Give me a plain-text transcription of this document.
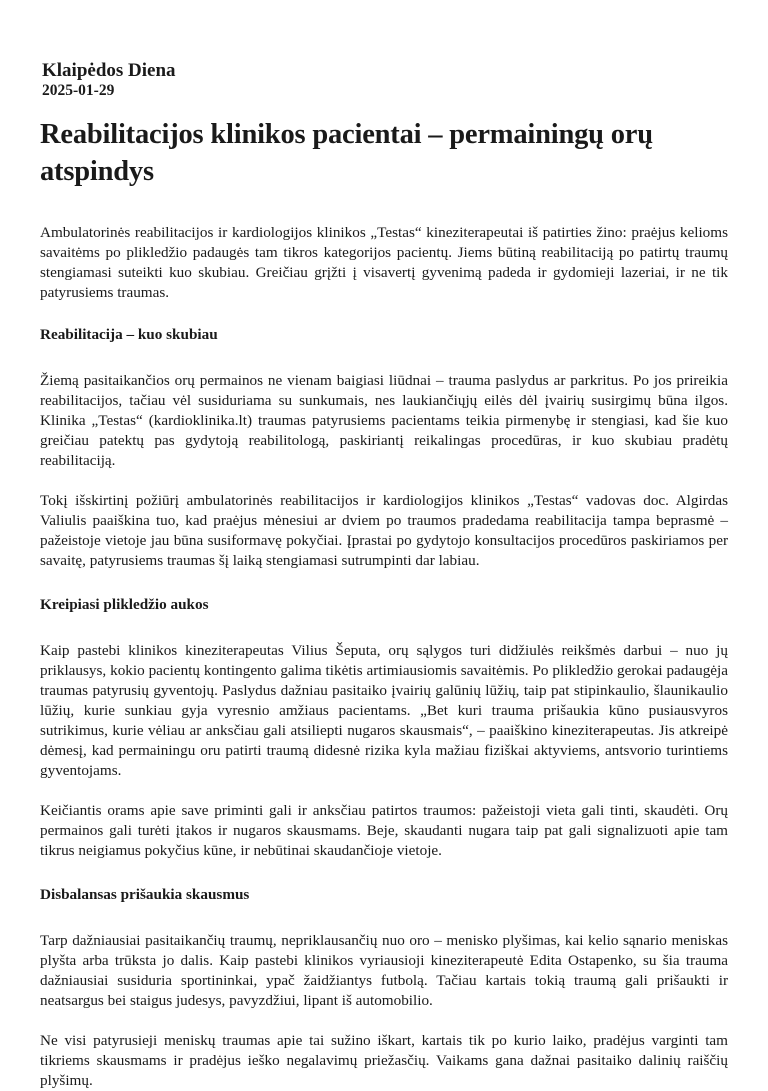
Klaipėdos Diena
2025-01-29
Reabilitacijos klinikos pacientai – permainingų orų atspindys

Ambulatorinės reabilitacijos ir kardiologijos klinikos „Testas“ kineziterapeutai iš patirties žino: praėjus kelioms savaitėms po plikledžio padaugės tam tikros kategorijos pacientų. Jiems būtiną reabilitaciją po patirtų traumų stengiamasi suteikti kuo skubiau. Greičiau grįžti į visavertį gyvenimą padeda ir gydomieji lazeriai, ir ne tik patyrusiems traumas.

Reabilitacija – kuo skubiau

Žiemą pasitaikančios orų permainos ne vienam baigiasi liūdnai – trauma paslydus ar parkritus. Po jos prireikia reabilitacijos, tačiau vėl susiduriama su sunkumais, nes laukiančiųjų eilės dėl įvairių susirgimų būna ilgos. Klinika „Testas“ (kardioklinika.lt) traumas patyrusiems pacientams teikia pirmenybę ir stengiasi, kad šie kuo greičiau patektų pas gydytoją reabilitologą, paskiriantį reikalingas procedūras, ir kuo skubiau pradėtų reabilitaciją.

Tokį išskirtinį požiūrį ambulatorinės reabilitacijos ir kardiologijos klinikos „Testas“ vadovas doc. Algirdas Valiulis paaiškina tuo, kad praėjus mėnesiui ar dviem po traumos pradedama reabilitacija tampa beprasmė – pažeistoje vietoje jau būna susiformavę pokyčiai. Įprastai po gydytojo konsultacijos procedūros paskiriamos per savaitę, patyrusiems traumas šį laiką stengiamasi sutrumpinti dar labiau.

Kreipiasi plikledžio aukos

Kaip pastebi klinikos kineziterapeutas Vilius Šeputa, orų sąlygos turi didžiulės reikšmės darbui – nuo jų priklausys, kokio pacientų kontingento galima tikėtis artimiausiomis savaitėmis. Po plikledžio gerokai padaugėja traumas patyrusių gyventojų. Paslydus dažniau pasitaiko įvairių galūnių lūžių, taip pat stipinkaulio, šlaunikaulio lūžių, kurie sunkiau gyja vyresnio amžiaus pacientams. „Bet kuri trauma prišaukia kūno pusiausvyros sutrikimus, kurie vėliau ar anksčiau gali atsiliepti nugaros skausmais“, – paaiškino kineziterapeutas. Jis atkreipė dėmesį, kad permainingu oru patirti traumą didesnė rizika kyla mažiau fiziškai aktyviems, antsvorio turintiems gyventojams.

Keičiantis orams apie save priminti gali ir anksčiau patirtos traumos: pažeistoji vieta gali tinti, skaudėti. Orų permainos gali turėti įtakos ir nugaros skausmams. Beje, skaudanti nugara taip pat gali signalizuoti apie tam tikrus neigiamus pokyčius kūne, ir nebūtinai skaudančioje vietoje.

Disbalansas prišaukia skausmus

Tarp dažniausiai pasitaikančių traumų, nepriklausančių nuo oro – menisko plyšimas, kai kelio sąnario meniskas plyšta arba trūksta jo dalis. Kaip pastebi klinikos vyriausioji kineziterapeutė Edita Ostapenko, su šia trauma dažniausiai susiduria sportininkai, ypač žaidžiantys futbolą. Tačiau kartais tokią traumą gali prišaukti ir neatsargus bei staigus judesys, pavyzdžiui, lipant iš automobilio.

Ne visi patyrusieji meniskų traumas apie tai sužino iškart, kartais tik po kurio laiko, pradėjus varginti tam tikriems skausmams ir pradėjus ieško negalavimų priežasčių. Vaikams gana dažnai pasitaiko dalinių raiščių plyšimų.
